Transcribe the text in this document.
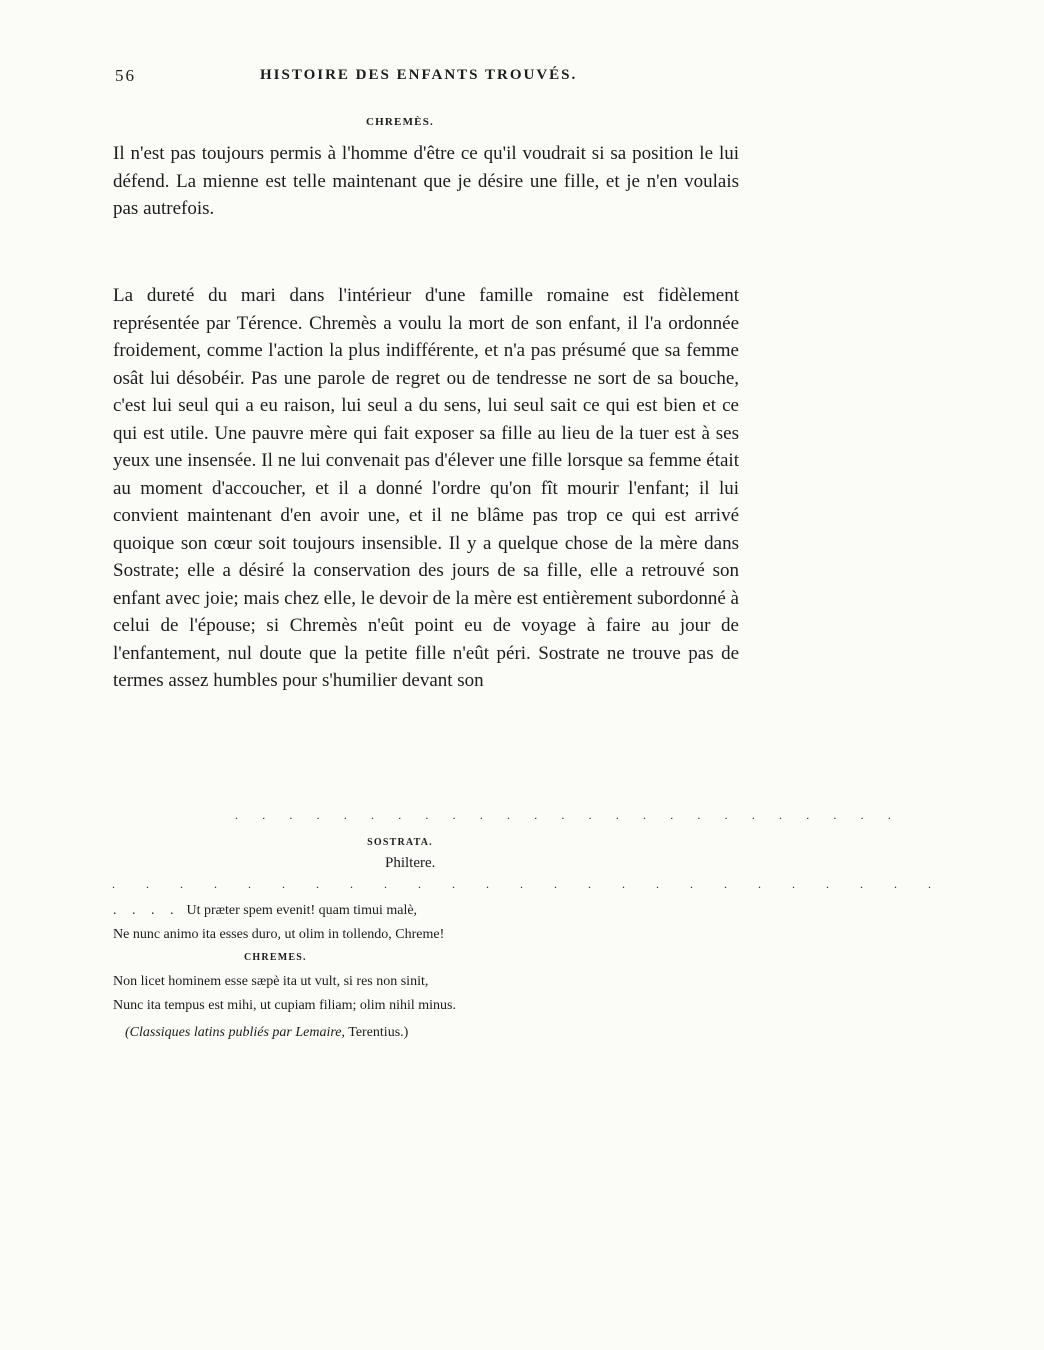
56	HISTOIRE DES ENFANTS TROUVÉS.
CHREMÈS.
Il n'est pas toujours permis à l'homme d'être ce qu'il voudrait si sa position le lui défend. La mienne est telle maintenant que je désire une fille, et je n'en voulais pas autrefois.
La dureté du mari dans l'intérieur d'une famille romaine est fidèlement représentée par Térence. Chremès a voulu la mort de son enfant, il l'a ordonnée froidement, comme l'action la plus indifférente, et n'a pas présumé que sa femme osât lui désobéir. Pas une parole de regret ou de tendresse ne sort de sa bouche, c'est lui seul qui a eu raison, lui seul a du sens, lui seul sait ce qui est bien et ce qui est utile. Une pauvre mère qui fait exposer sa fille au lieu de la tuer est à ses yeux une insensée. Il ne lui convenait pas d'élever une fille lorsque sa femme était au moment d'accoucher, et il a donné l'ordre qu'on fît mourir l'enfant; il lui convient maintenant d'en avoir une, et il ne blâme pas trop ce qui est arrivé quoique son cœur soit toujours insensible. Il y a quelque chose de la mère dans Sostrate; elle a désiré la conservation des jours de sa fille, elle a retrouvé son enfant avec joie; mais chez elle, le devoir de la mère est entièrement subordonné à celui de l'épouse; si Chremès n'eût point eu de voyage à faire au jour de l'enfantement, nul doute que la petite fille n'eût péri. Sostrate ne trouve pas de termes assez humbles pour s'humilier devant son
. . . . . . . . . . . . . . . . . . . . . . . . .
SOSTRATA.
Philtere.
. . . . . . . . . . . . . . . . . . . . . . . . .
. . . . Ut præter spem evenit! quam timui malè,
Ne nunc animo ita esses duro, ut olim in tollendo, Chreme!
CHREMES.
Non licet hominem esse sæpè ita ut vult, si res non sinit,
Nunc ita tempus est mihi, ut cupiam filiam; olim nihil minus.
(Classiques latins publiés par Lemaire, Terentius.)
